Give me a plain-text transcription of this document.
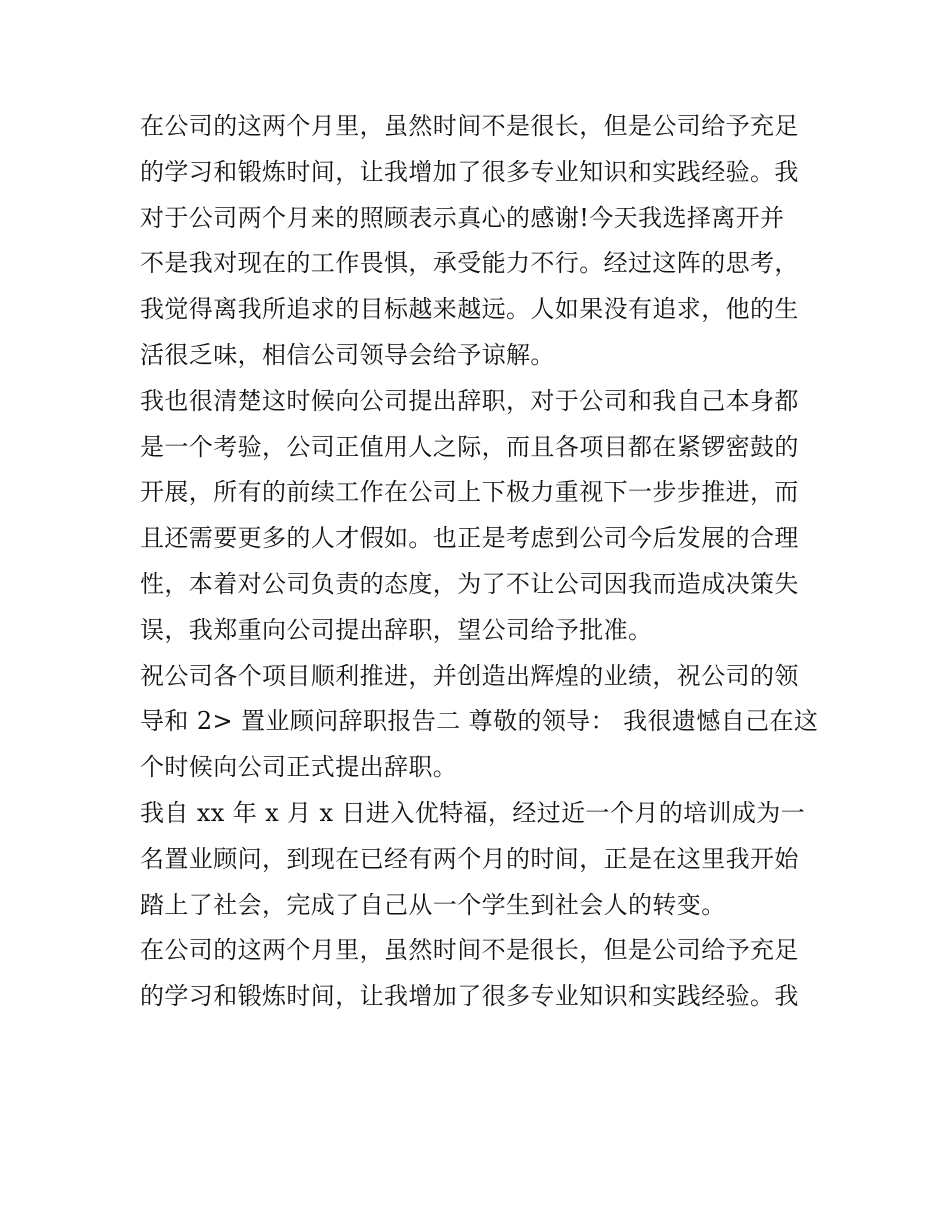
在公司的这两个月里，虽然时间不是很长，但是公司给予充足
的学习和锻炼时间，让我增加了很多专业知识和实践经验。我
对于公司两个月来的照顾表示真心的感谢!今天我选择离开并
不是我对现在的工作畏惧，承受能力不行。经过这阵的思考，
我觉得离我所追求的目标越来越远。人如果没有追求，他的生
活很乏味，相信公司领导会给予谅解。
我也很清楚这时候向公司提出辞职，对于公司和我自己本身都
是一个考验，公司正值用人之际，而且各项目都在紧锣密鼓的
开展，所有的前续工作在公司上下极力重视下一步步推进，而
且还需要更多的人才假如。也正是考虑到公司今后发展的合理
性，本着对公司负责的态度，为了不让公司因我而造成决策失
误，我郑重向公司提出辞职，望公司给予批准。
祝公司各个项目顺利推进，并创造出辉煌的业绩，祝公司的领
导和 2> 置业顾问辞职报告二 尊敬的领导： 我很遗憾自己在这
个时候向公司正式提出辞职。
我自 xx 年 x 月 x 日进入优特福，经过近一个月的培训成为一
名置业顾问，到现在已经有两个月的时间，正是在这里我开始
踏上了社会，完成了自己从一个学生到社会人的转变。
在公司的这两个月里，虽然时间不是很长，但是公司给予充足
的学习和锻炼时间，让我增加了很多专业知识和实践经验。我
